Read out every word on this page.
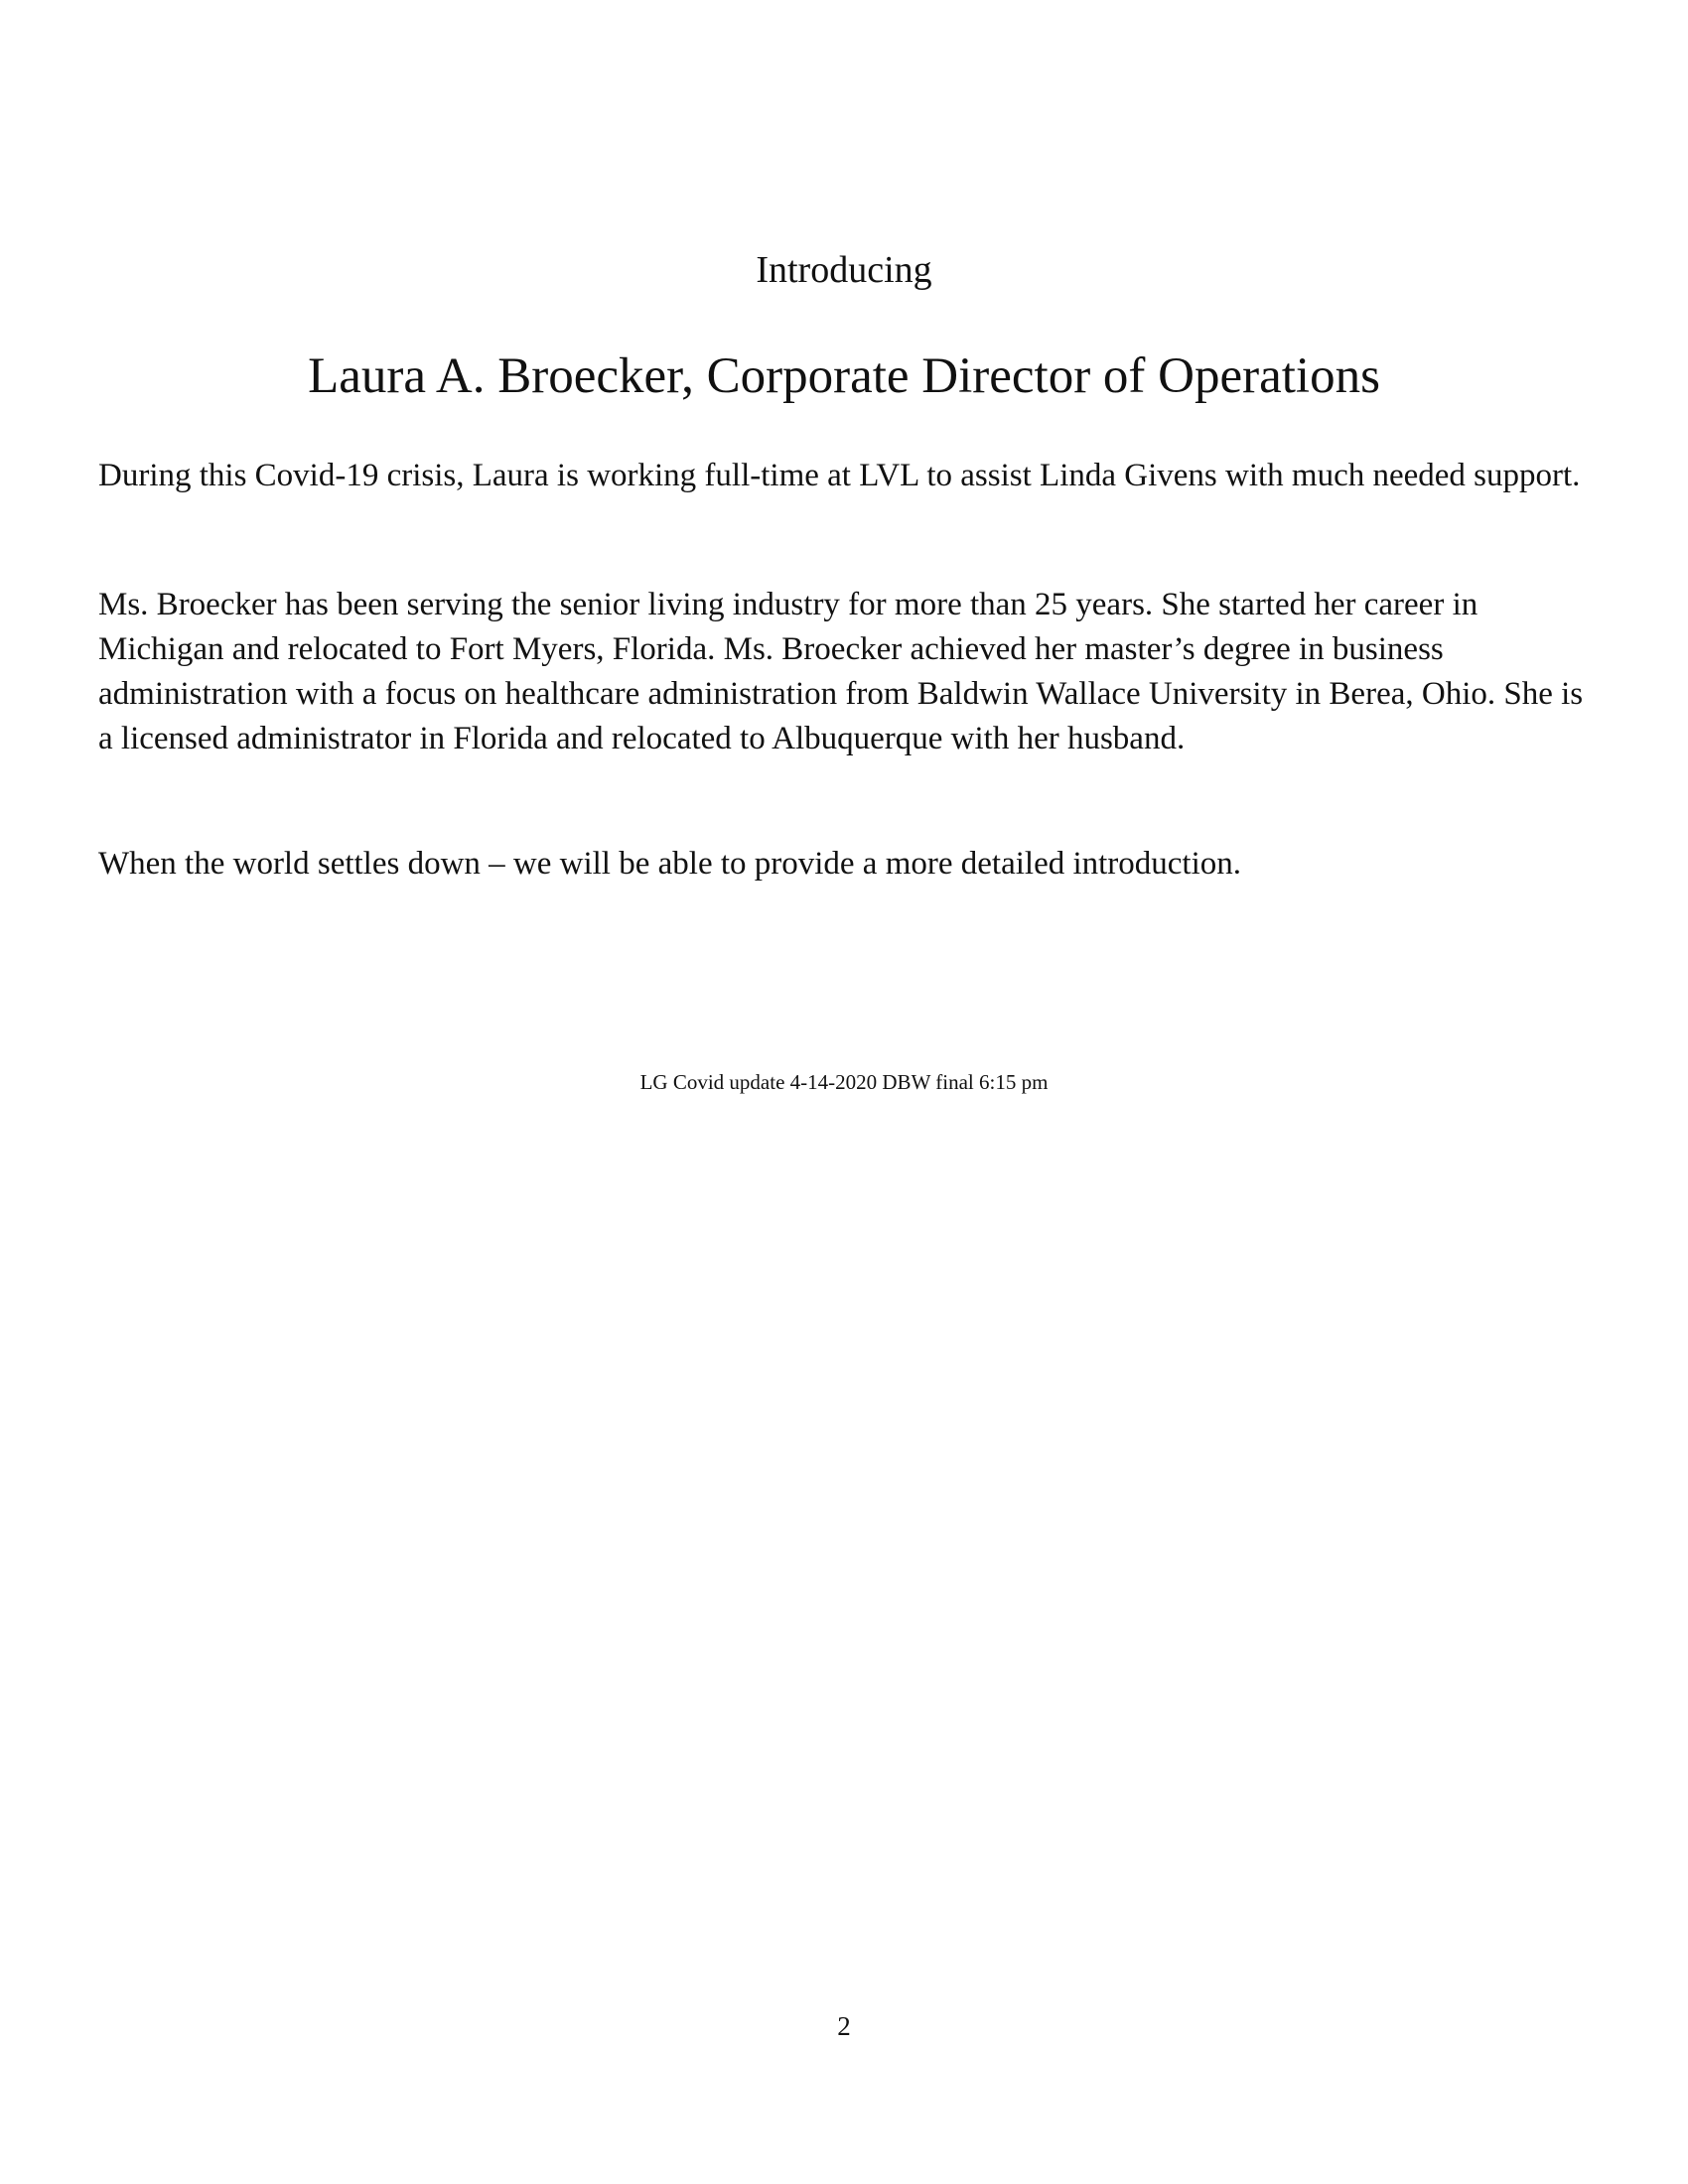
Introducing

Laura A. Broecker, Corporate Director of Operations

During this Covid-19 crisis, Laura is working full-time at LVL to assist Linda Givens with much needed support.

Ms. Broecker has been serving the senior living industry for more than 25 years. She started her career in Michigan and relocated to Fort Myers, Florida. Ms. Broecker achieved her master’s degree in business administration with a focus on healthcare administration from Baldwin Wallace University in Berea, Ohio. She is a licensed administrator in Florida and relocated to Albuquerque with her husband.

When the world settles down – we will be able to provide a more detailed introduction.

LG Covid update 4-14-2020 DBW final 6:15 pm

2
